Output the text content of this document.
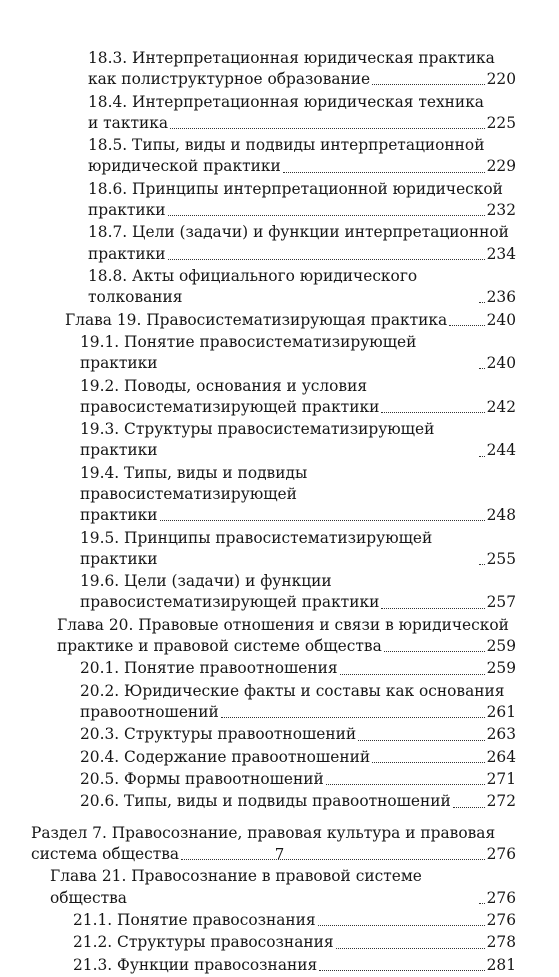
18.3. Интерпретационная юридическая практика
как полиструктурное образование	220
18.4. Интерпретационная юридическая техника
и тактика	225
18.5. Типы, виды и подвиды интерпретационной
юридической практики	229
18.6. Принципы интерпретационной юридической
практики	232
18.7. Цели (задачи) и функции интерпретационной
практики	234
18.8. Акты официального юридического толкования	236
Глава 19. Правосистематизирующая практика	240
19.1. Понятие правосистематизирующей практики	240
19.2. Поводы, основания и условия
правосистематизирующей практики	242
19.3. Структуры правосистематизирующей практики	244
19.4. Типы, виды и подвиды правосистематизирующей
практики	248
19.5. Принципы правосистематизирующей практики	255
19.6. Цели (задачи) и функции
правосистематизирующей практики	257
Глава 20. Правовые отношения и связи в юридической
практике и правовой системе общества	259
20.1. Понятие правоотношения	259
20.2. Юридические факты и составы как основания
правоотношений	261
20.3. Структуры правоотношений	263
20.4. Содержание правоотношений	264
20.5. Формы правоотношений	271
20.6. Типы, виды и подвиды правоотношений 272
Раздел 7. Правосознание, правовая культура и правовая
система общества	276
Глава 21. Правосознание в правовой системе общества	276
21.1. Понятие правосознания	276
21.2. Структуры правосознания	278
21.3. Функции правосознания	281
7
